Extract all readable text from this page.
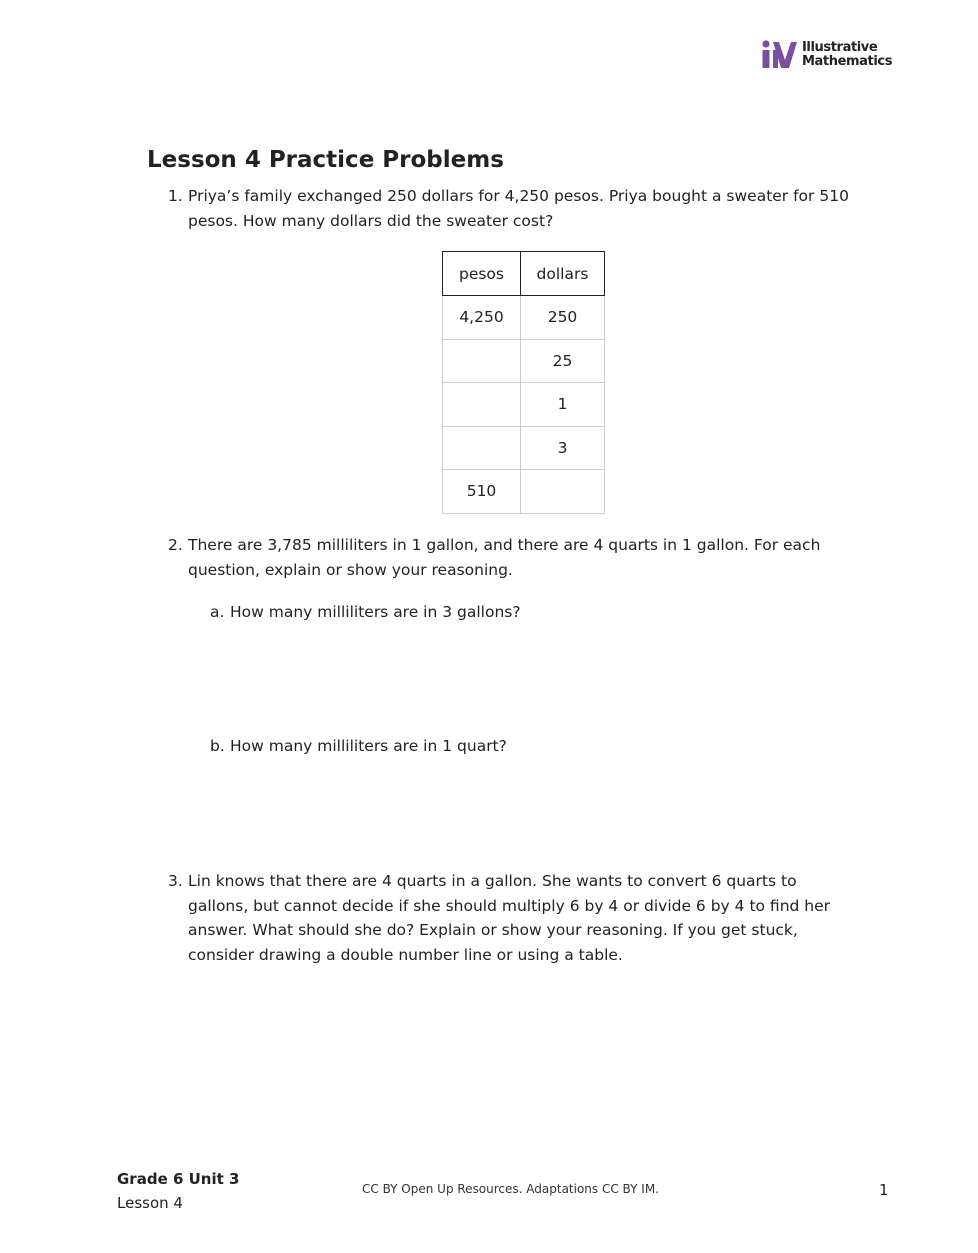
Illustrative
Mathematics
Lesson 4 Practice Problems
1. Priya’s family exchanged 250 dollars for 4,250 pesos. Priya bought a sweater for 510 pesos. How many dollars did the sweater cost?
pesos	dollars
4,250	250
	25
	1
	3
510	
2. There are 3,785 milliliters in 1 gallon, and there are 4 quarts in 1 gallon. For each question, explain or show your reasoning.
a. How many milliliters are in 3 gallons?
b. How many milliliters are in 1 quart?
3. Lin knows that there are 4 quarts in a gallon. She wants to convert 6 quarts to gallons, but cannot decide if she should multiply 6 by 4 or divide 6 by 4 to find her answer. What should she do? Explain or show your reasoning. If you get stuck, consider drawing a double number line or using a table.
Grade 6 Unit 3
Lesson 4
CC BY Open Up Resources. Adaptations CC BY IM.	1
